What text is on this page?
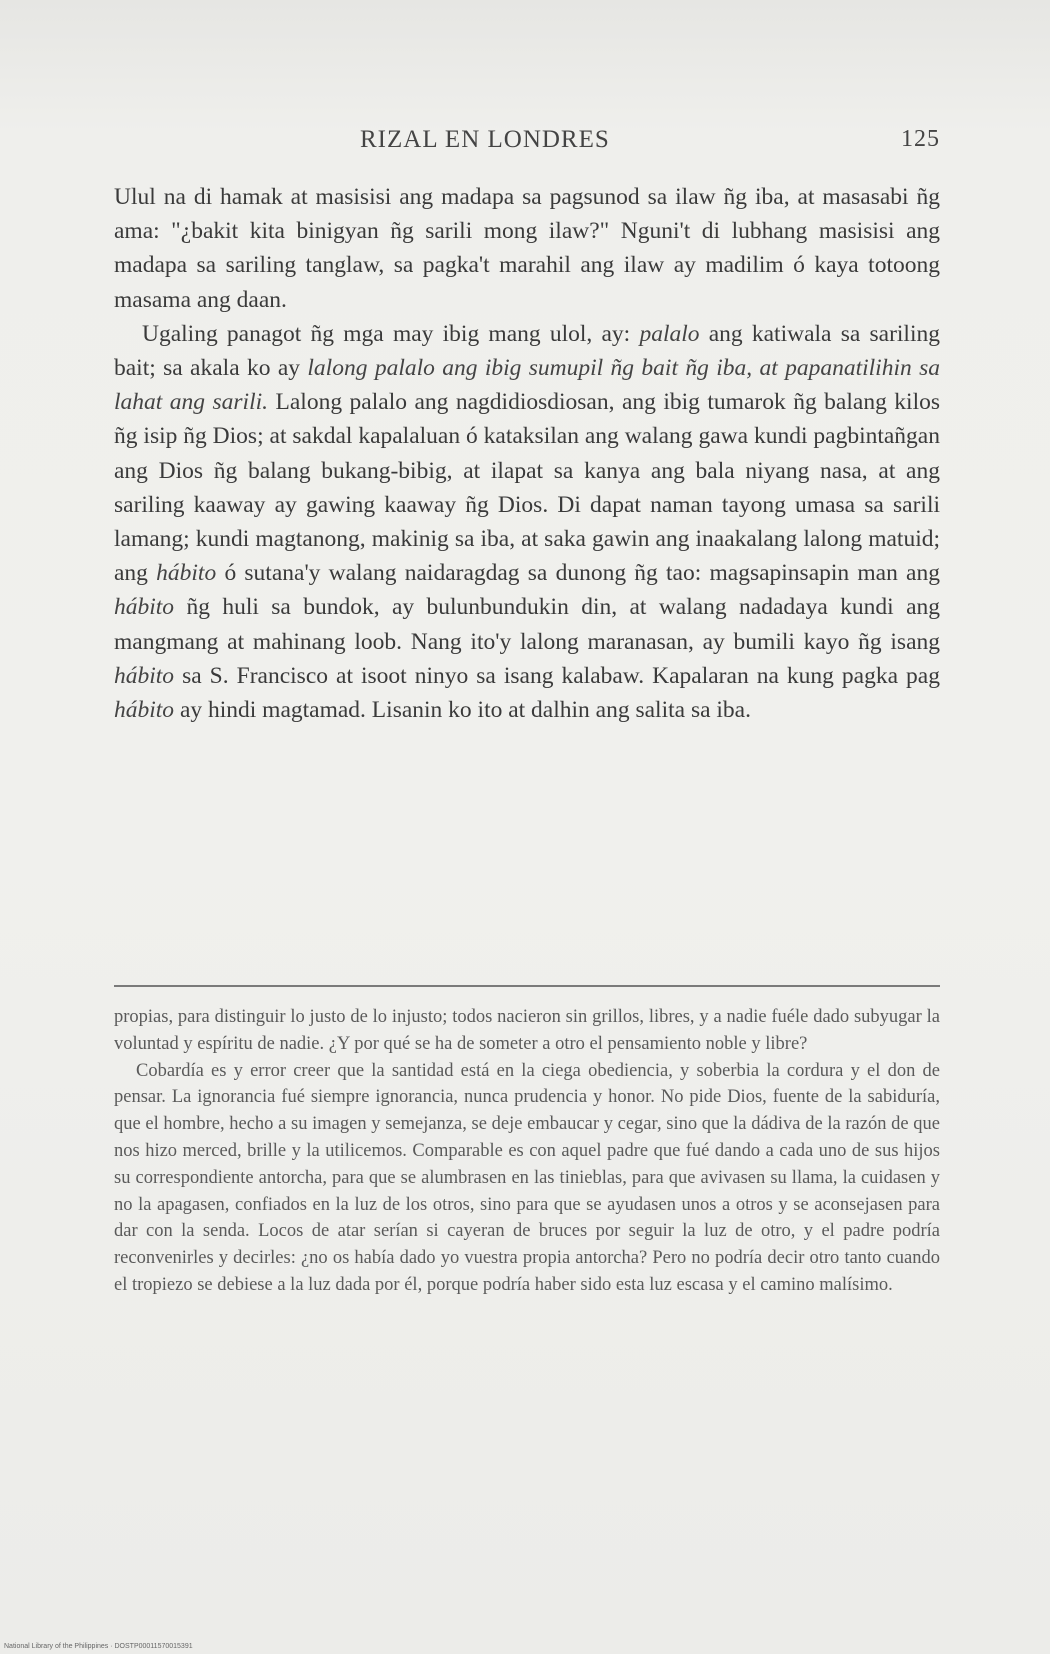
RIZAL EN LONDRES	125

Ulul na di hamak at masisisi ang madapa sa pagsunod sa ilaw ñg iba, at masasabi ñg ama: "¿bakit kita binigyan ñg sarili mong ilaw?" Nguni't di lubhang masisisi ang madapa sa sariling tanglaw, sa pagka't marahil ang ilaw ay madilim ó kaya totoong masama ang daan.

Ugaling panagot ñg mga may ibig mang ulol, ay: palalo ang katiwala sa sariling bait; sa akala ko ay lalong palalo ang ibig sumupil ñg bait ñg iba, at papanatilihin sa lahat ang sarili. Lalong palalo ang nagdidiosdiosan, ang ibig tumarok ñg balang kilos ñg isip ñg Dios; at sakdal kapalaluan ó kataksilan ang walang gawa kundi pagbintañgan ang Dios ñg balang bukang-bibig, at ilapat sa kanya ang bala niyang nasa, at ang sariling kaaway ay gawing kaaway ñg Dios. Di dapat naman tayong umasa sa sarili lamang; kundi magtanong, makinig sa iba, at saka gawin ang inaakalang lalong matuid; ang hábito ó sutana'y walang naidaragdag sa dunong ñg tao: magsapinsapin man ang hábito ñg huli sa bundok, ay bulunbundukin din, at walang nadadaya kundi ang mangmang at mahinang loob. Nang ito'y lalong maranasan, ay bumili kayo ñg isang hábito sa S. Francisco at isoot ninyo sa isang kalabaw. Kapalaran na kung pagka pag hábito ay hindi magtamad. Lisanin ko ito at dalhin ang salita sa iba.

propias, para distinguir lo justo de lo injusto; todos nacieron sin grillos, libres, y a nadie fuéle dado subyugar la voluntad y espíritu de nadie. ¿Y por qué se ha de someter a otro el pensamiento noble y libre?

Cobardía es y error creer que la santidad está en la ciega obediencia, y soberbia la cordura y el don de pensar. La ignorancia fué siempre ignorancia, nunca prudencia y honor. No pide Dios, fuente de la sabiduría, que el hombre, hecho a su imagen y semejanza, se deje embaucar y cegar, sino que la dádiva de la razón de que nos hizo merced, brille y la utilicemos. Comparable es con aquel padre que fué dando a cada uno de sus hijos su correspondiente antorcha, para que se alumbrasen en las tinieblas, para que avivasen su llama, la cuidasen y no la apagasen, confiados en la luz de los otros, sino para que se ayudasen unos a otros y se aconsejasen para dar con la senda. Locos de atar serían si cayeran de bruces por seguir la luz de otro, y el padre podría reconvenirles y decirles: ¿no os había dado yo vuestra propia antorcha? Pero no podría decir otro tanto cuando el tropiezo se debiese a la luz dada por él, porque podría haber sido esta luz escasa y el camino malísimo.

National Library of the Philippines · DOSTP00011570015391
